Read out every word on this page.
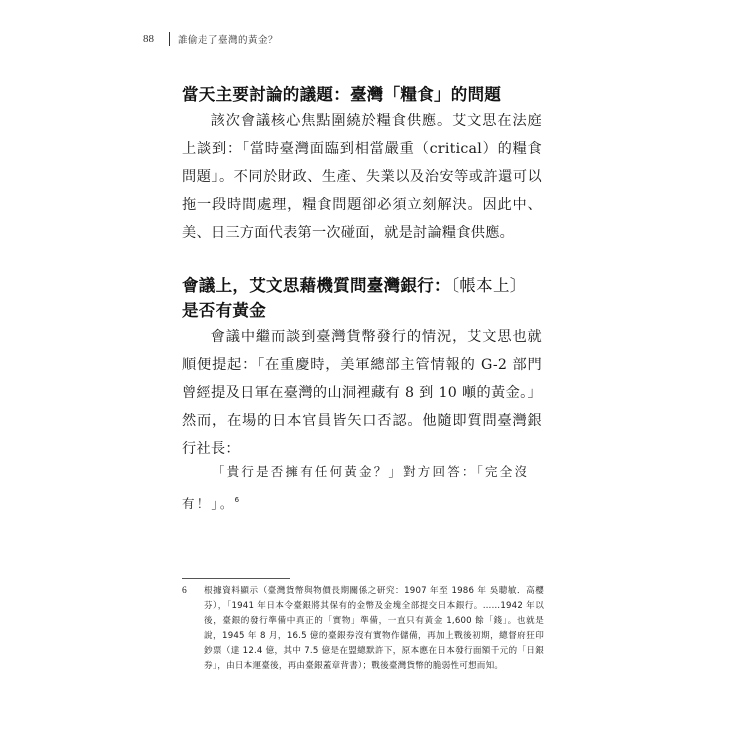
88	誰偷走了臺灣的黃金？
當天主要討論的議題：臺灣「糧食」的問題

該次會議核心焦點圍繞於糧食供應。艾文思在法庭上談到：「當時臺灣面臨到相當嚴重（critical）的糧食問題」。不同於財政、生產、失業以及治安等或許還可以拖一段時間處理，糧食問題卻必須立刻解決。因此中、美、日三方面代表第一次碰面，就是討論糧食供應。

會議上，艾文思藉機質問臺灣銀行：〔帳本上〕
是否有黃金

會議中繼而談到臺灣貨幣發行的情況，艾文思也就順便提起：「在重慶時，美軍總部主管情報的 G-2 部門曾經提及日軍在臺灣的山洞裡藏有 8 到 10 噸的黃金。」然而，在場的日本官員皆矢口否認。他隨即質問臺灣銀行社長：

「貴行是否擁有任何黃金？」對方回答：「完全沒有！」。$^6$
6	根據資料顯示（臺灣貨幣與物價長期關係之研究：1907 年至 1986 年 吳聰敏．高櫻芬），「1941 年日本令臺銀將其保有的金幣及金塊全部提交日本銀行。……1942 年以後，臺銀的發行準備中真正的「實物」準備，一直只有黃金 1,600 餘「錢」。也就是說，1945 年 8 月，16.5 億的臺銀券沒有實物作儲備，再加上戰後初期，總督府狂印鈔票（達 12.4 億，其中 7.5 億是在盟總默許下，原本應在日本發行面額千元的「日銀券」，由日本運臺後，再由臺銀蓋章背書）；戰後臺灣貨幣的脆弱性可想而知。
